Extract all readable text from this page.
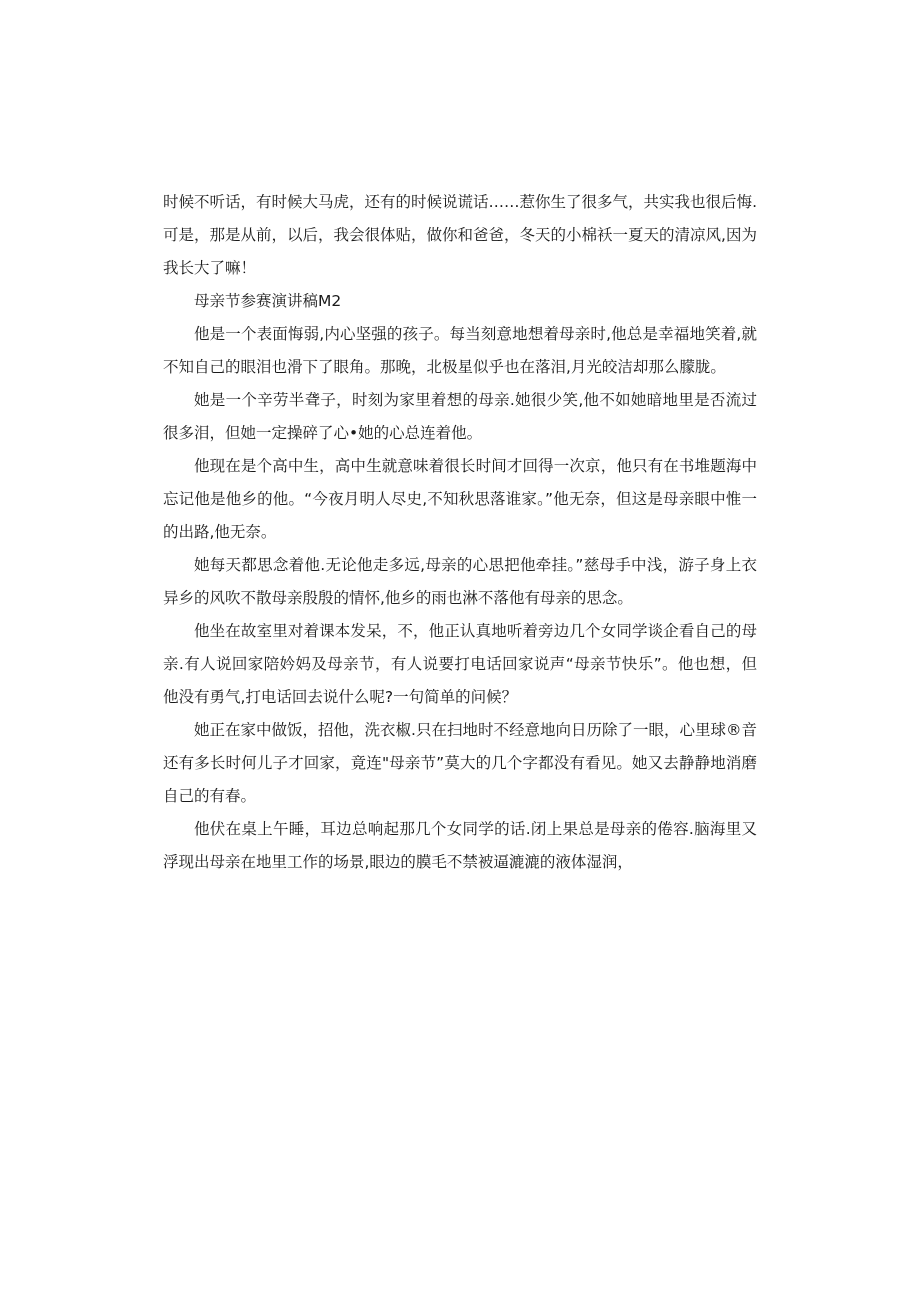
时候不听话，有时候大马虎，还有的时候说谎话……惹你生了很多气，共实我也很后悔.可是，那是从前，以后，我会很体贴，做你和爸爸，冬天的小棉袄一夏天的清凉风,因为我长大了嘛！

母亲节参赛演讲稿M2

他是一个表面悔弱,内心坚强的孩子。每当刻意地想着母亲时,他总是幸福地笑着,就不知自己的眼泪也滑下了眼角。那晚，北极星似乎也在落泪,月光皎洁却那么朦胧。

她是一个辛劳半聋子，时刻为家里着想的母亲.她很少笑,他不如她暗地里是否流过很多泪，但她一定操碎了心•她的心总连着他。

他现在是个高中生，高中生就意味着很长时间才回得一次京，他只有在书堆题海中忘记他是他乡的他。“今夜月明人尽史,不知秋思落谁家。”他无奈，但这是母亲眼中惟一的出路,他无奈。

她每天都思念着他.无论他走多远,母亲的心思把他牵挂。”慈母手中浅，游子身上衣异乡的风吹不散母亲殷殷的情怀,他乡的雨也淋不落他有母亲的思念。

他坐在故室里对着课本发呆，不，他正认真地听着旁边几个女同学谈企看自己的母亲.有人说回家陪妗妈及母亲节，有人说要打电话回家说声“母亲节快乐”。他也想，但他没有勇气,打电话回去说什么呢?一句简单的问候？

她正在家中做饭，招他，洗衣椒.只在扫地时不经意地向日历除了一眼，心里球®音还有多长时何儿子才回家，竟连"母亲节”莫大的几个字都没有看见。她又去静静地消磨自己的有春。

他伏在桌上午睡，耳边总响起那几个女同学的话.闭上果总是母亲的倦容.脑海里又浮现出母亲在地里工作的场景,眼边的膜毛不禁被逼漉漉的液体湿润，
